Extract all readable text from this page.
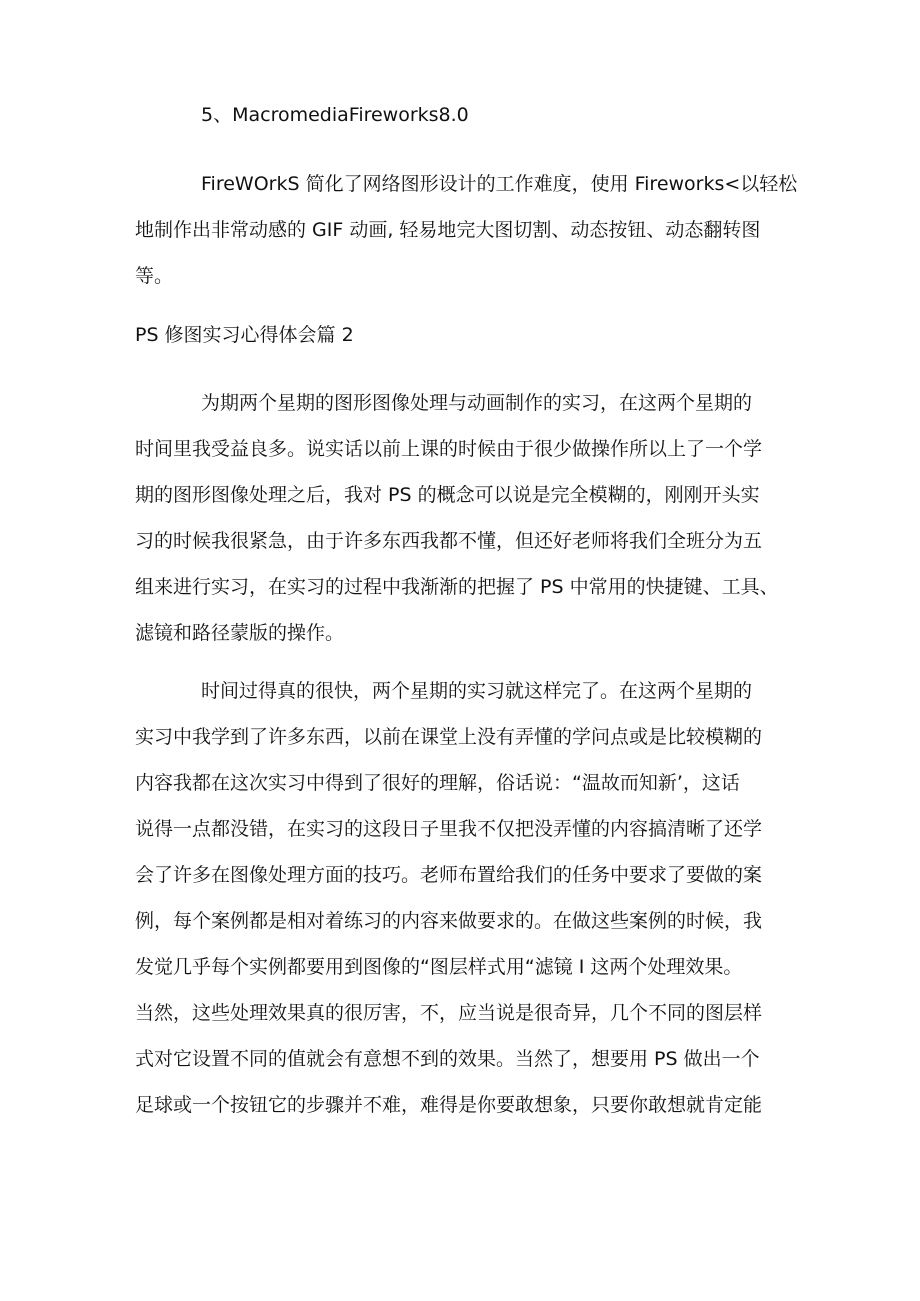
5、MacromediaFireworks8.0
FireWOrkS 简化了网络图形设计的工作难度，使用 Fireworks<以轻松
地制作出非常动感的 GIF 动画, 轻易地完大图切割、动态按钮、动态翻转图
等。
PS 修图实习心得体会篇 2
为期两个星期的图形图像处理与动画制作的实习，在这两个星期的
时间里我受益良多。说实话以前上课的时候由于很少做操作所以上了一个学
期的图形图像处理之后，我对 PS 的概念可以说是完全模糊的，刚刚开头实
习的时候我很紧急，由于许多东西我都不懂，但还好老师将我们全班分为五
组来进行实习，在实习的过程中我渐渐的把握了 PS 中常用的快捷键、工具、
滤镜和路径蒙版的操作。
时间过得真的很快，两个星期的实习就这样完了。在这两个星期的
实习中我学到了许多东西，以前在课堂上没有弄懂的学问点或是比较模糊的
内容我都在这次实习中得到了很好的理解，俗话说：“温故而知新’，这话
说得一点都没错，在实习的这段日子里我不仅把没弄懂的内容搞清晰了还学
会了许多在图像处理方面的技巧。老师布置给我们的任务中要求了要做的案
例，每个案例都是相对着练习的内容来做要求的。在做这些案例的时候，我
发觉几乎每个实例都要用到图像的“图层样式用“滤镜 I 这两个处理效果。
当然，这些处理效果真的很厉害，不，应当说是很奇异，几个不同的图层样
式对它设置不同的值就会有意想不到的效果。当然了，想要用 PS 做出一个
足球或一个按钮它的步骤并不难，难得是你要敢想象，只要你敢想就肯定能
